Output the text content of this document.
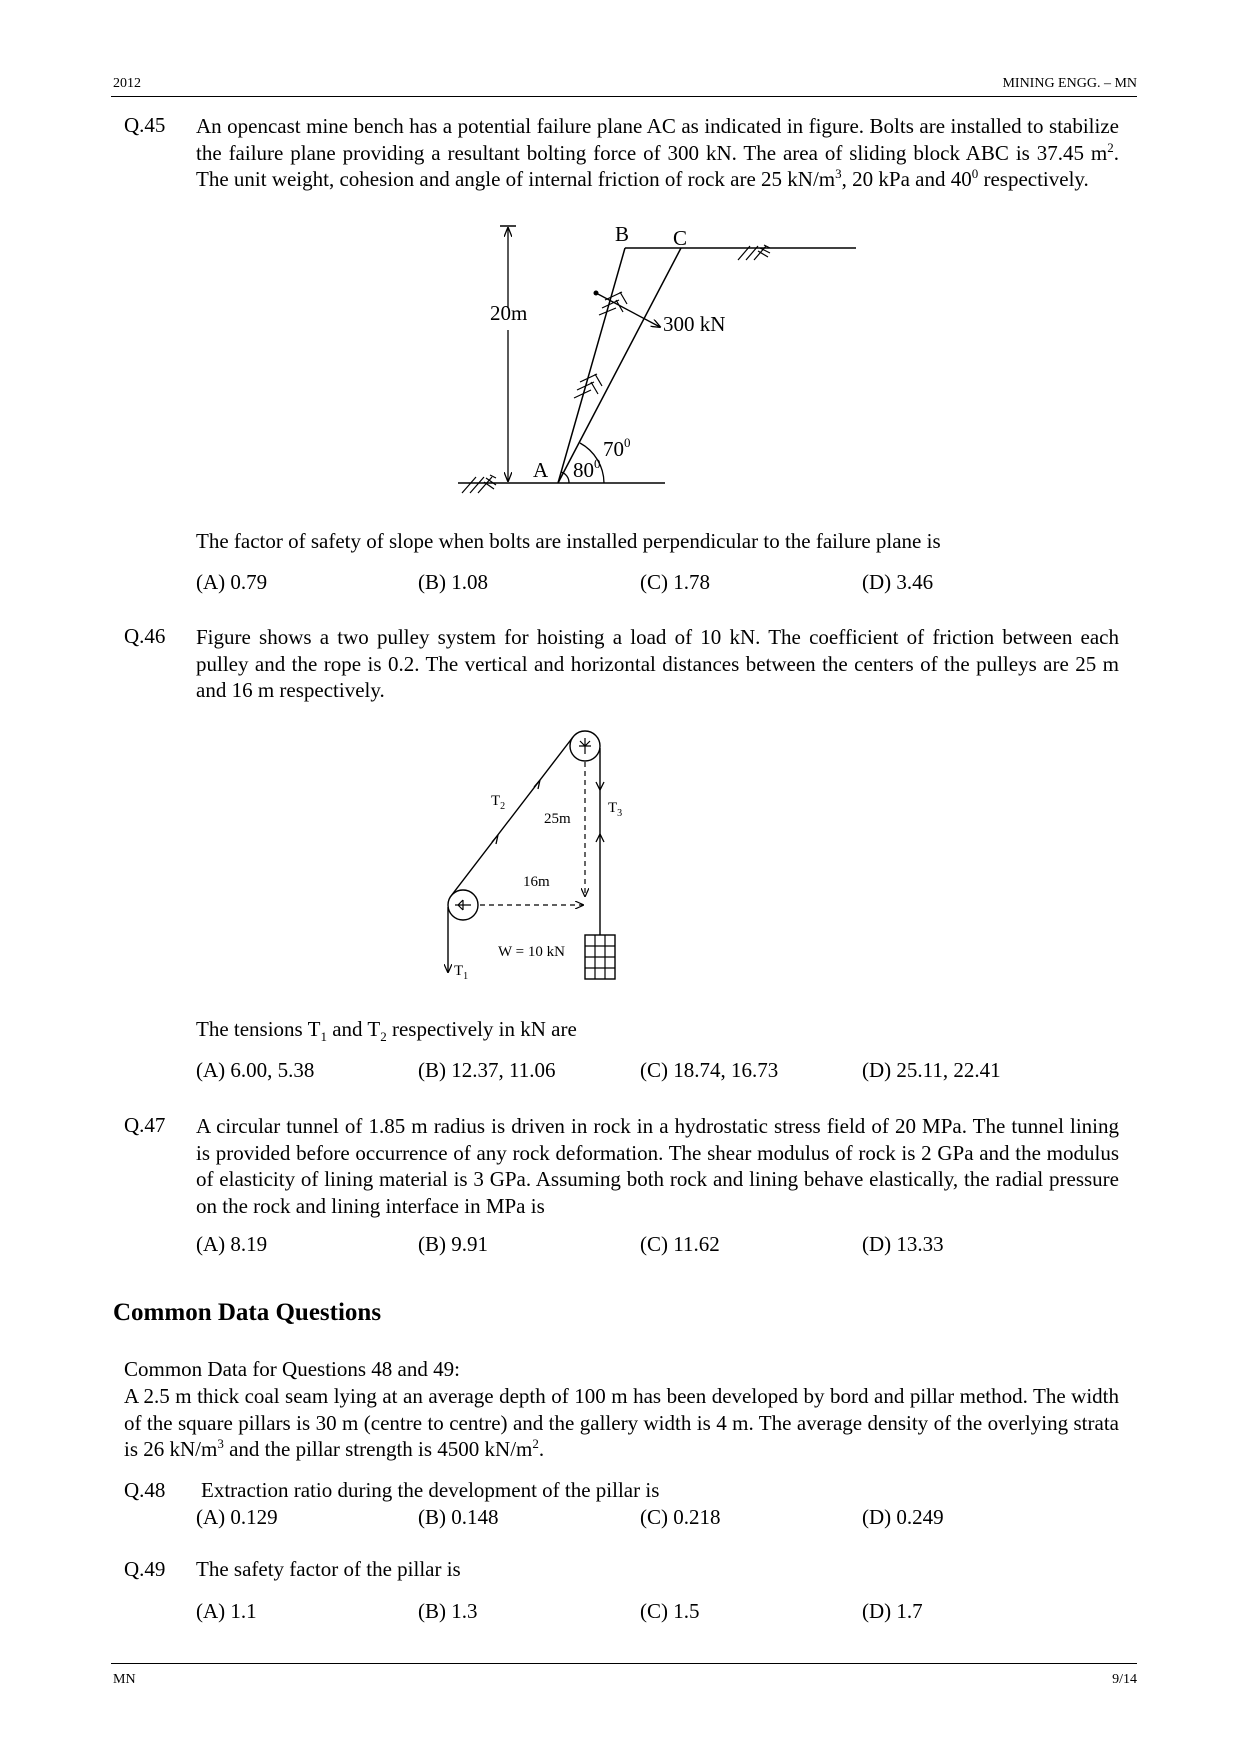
2012	MINING ENGG. – MN
Q.45 An opencast mine bench has a potential failure plane AC as indicated in figure. Bolts are installed to stabilize the failure plane providing a resultant bolting force of 300 kN. The area of sliding block ABC is 37.45 $m^2$. The unit weight, cohesion and angle of internal friction of rock are 25 $kN/m^3$, 20 kPa and $40^0$ respectively.
20m	300 kN
B C
A
$70^0$
$80^0$
The factor of safety of slope when bolts are installed perpendicular to the failure plane is
(A) 0.79	(B) 1.08	(C) 1.78	(D) 3.46
Q.46 Figure shows a two pulley system for hoisting a load of 10 kN. The coefficient of friction between each pulley and the rope is 0.2. The vertical and horizontal distances between the centers of the pulleys are 25 m and 16 m respectively.
$T_2$	$T_3$
$T_1$
25m
16m
W = 10 kN
The tensions $T_1$ and $T_2$ respectively in kN are
(A) 6.00, 5.38	(B) 12.37, 11.06	(C) 18.74, 16.73	(D) 25.11, 22.41
Q.47 A circular tunnel of 1.85 m radius is driven in rock in a hydrostatic stress field of 20 MPa. The tunnel lining is provided before occurrence of any rock deformation. The shear modulus of rock is 2 GPa and the modulus of elasticity of lining material is 3 GPa. Assuming both rock and lining behave elastically, the radial pressure on the rock and lining interface in MPa is
(A) 8.19	(B) 9.91	(C) 11.62	(D) 13.33
Common Data Questions
Common Data for Questions 48 and 49:
A 2.5 m thick coal seam lying at an average depth of 100 m has been developed by bord and pillar method. The width of the square pillars is 30 m (centre to centre) and the gallery width is 4 m. The average density of the overlying strata is 26 $kN/m^3$ and the pillar strength is 4500 $kN/m^2$.
Q.48 Extraction ratio during the development of the pillar is
(A) 0.129	(B) 0.148	(C) 0.218	(D) 0.249
Q.49 The safety factor of the pillar is
(A) 1.1	(B) 1.3	(C) 1.5	(D) 1.7
MN	9/14
